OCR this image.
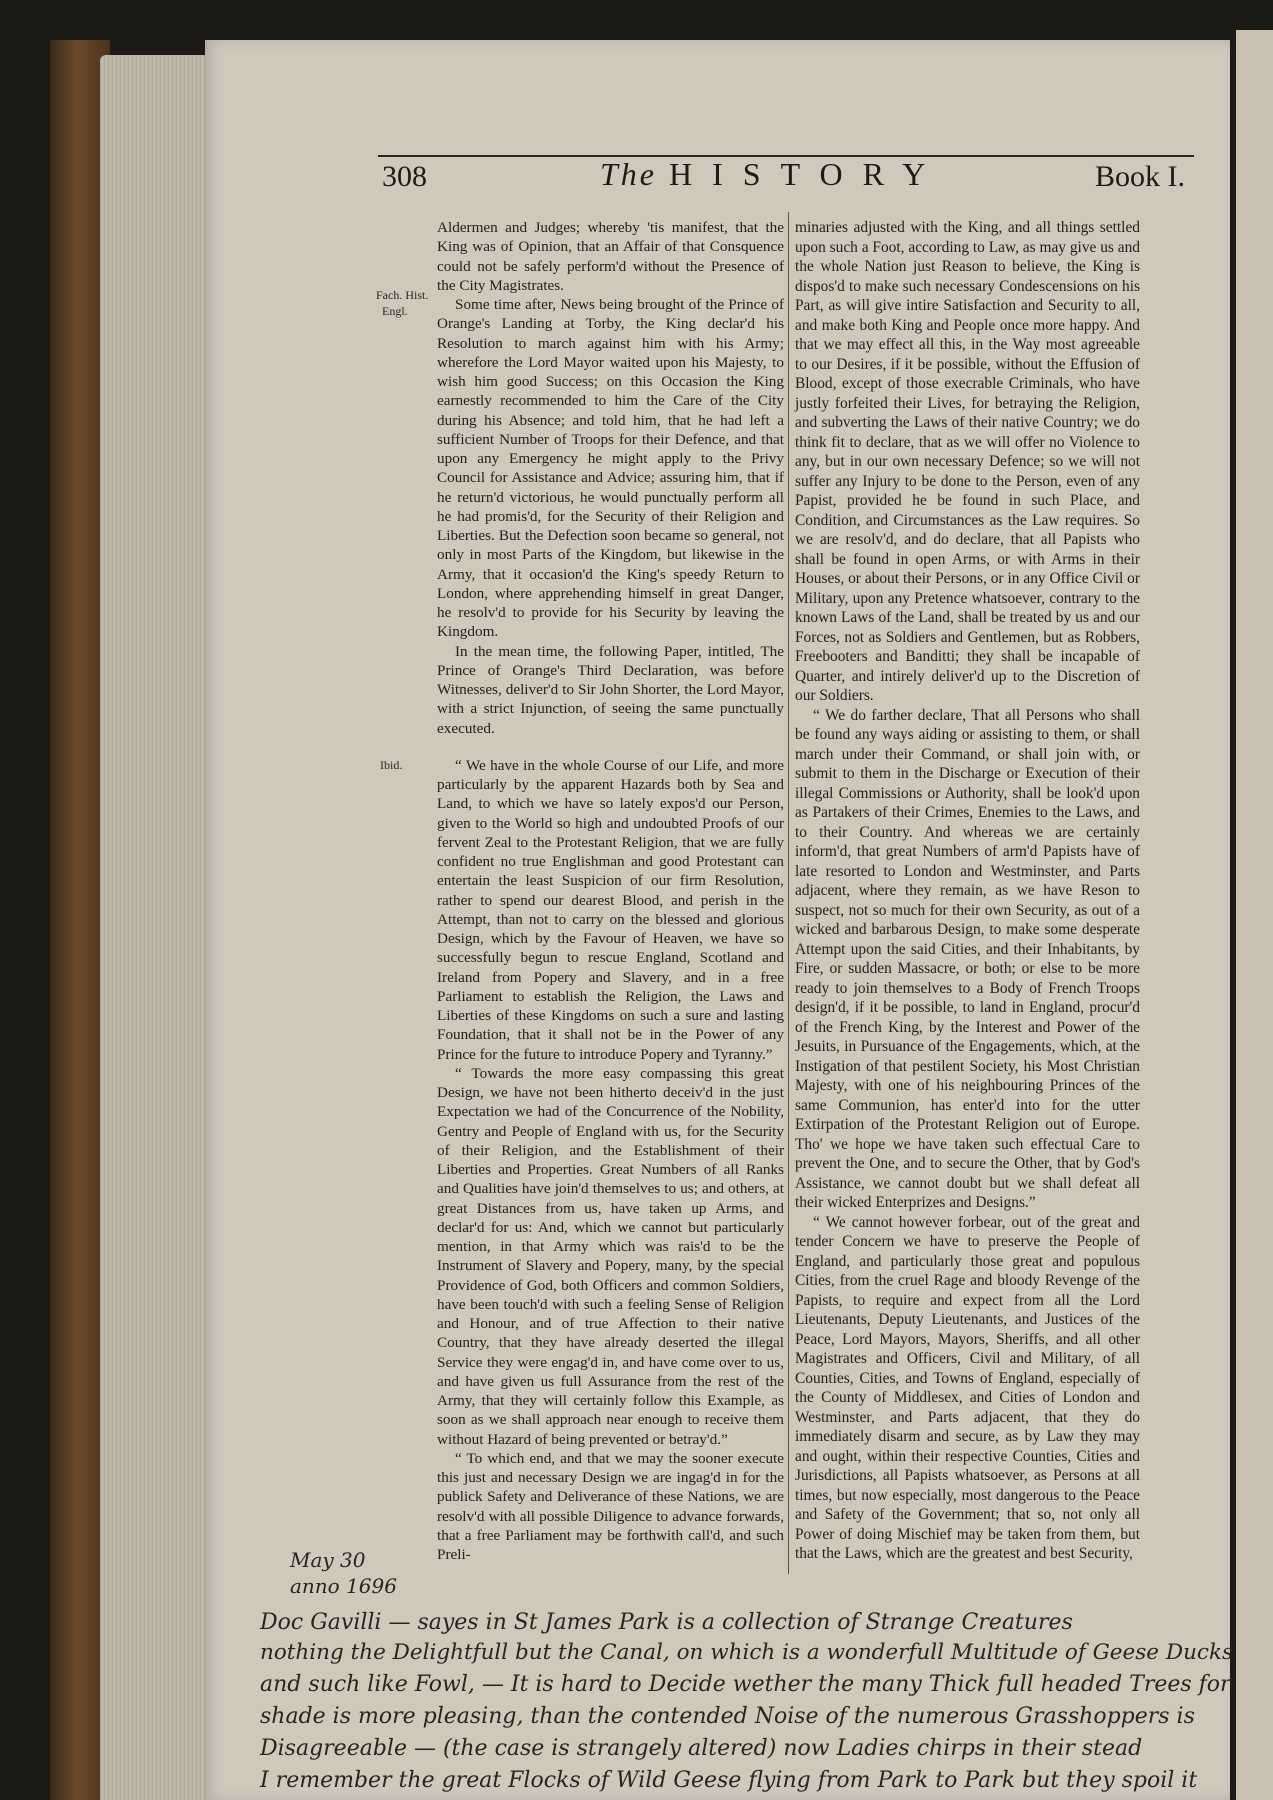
308	The HISTORY	Book I.
Fach. Hist.
Engl.
Ibid.

Aldermen and Judges; whereby 'tis manifest, that the King was of Opinion, that an Affair of that Consquence could not be safely perform'd without the Presence of the City Magistrates.

Some time after, News being brought of the Prince of Orange's Landing at Torby, the King declar'd his Resolution to march against him with his Army; wherefore the Lord Mayor waited upon his Majesty, to wish him good Success; on this Occasion the King earnestly recommended to him the Care of the City during his Absence; and told him, that he had left a sufficient Number of Troops for their Defence, and that upon any Emergency he might apply to the Privy Council for Assistance and Advice; assuring him, that if he return'd victorious, he would punctually perform all he had promis'd, for the Security of their Religion and Liberties. But the Defection soon became so general, not only in most Parts of the Kingdom, but likewise in the Army, that it occasion'd the King's speedy Return to London, where apprehending himself in great Danger, he resolv'd to provide for his Security by leaving the Kingdom.

In the mean time, the following Paper, intitled, The Prince of Orange's Third Declaration, was before Witnesses, deliver'd to Sir John Shorter, the Lord Mayor, with a strict Injunction, of seeing the same punctually executed.

“ We have in the whole Course of our Life, and more particularly by the apparent Hazards both by Sea and Land, to which we have so lately expos'd our Person, given to the World so high and undoubted Proofs of our fervent Zeal to the Protestant Religion, that we are fully confident no true Englishman and good Protestant can entertain the least Suspicion of our firm Resolution, rather to spend our dearest Blood, and perish in the Attempt, than not to carry on the blessed and glorious Design, which by the Favour of Heaven, we have so successfully begun to rescue England, Scotland and Ireland from Popery and Slavery, and in a free Parliament to establish the Religion, the Laws and Liberties of these Kingdoms on such a sure and lasting Foundation, that it shall not be in the Power of any Prince for the future to introduce Popery and Tyranny.”

“ Towards the more easy compassing this great Design, we have not been hitherto deceiv'd in the just Expectation we had of the Concurrence of the Nobility, Gentry and People of England with us, for the Security of their Religion, and the Establishment of their Liberties and Properties. Great Numbers of all Ranks and Qualities have join'd themselves to us; and others, at great Distances from us, have taken up Arms, and declar'd for us: And, which we cannot but particularly mention, in that Army which was rais'd to be the Instrument of Slavery and Popery, many, by the special Providence of God, both Officers and common Soldiers, have been touch'd with such a feeling Sense of Religion and Honour, and of true Affection to their native Country, that they have already deserted the illegal Service they were engag'd in, and have come over to us, and have given us full Assurance from the rest of the Army, that they will certainly follow this Example, as soon as we shall approach near enough to receive them without Hazard of being prevented or betray'd.”

“ To which end, and that we may the sooner execute this just and necessary Design we are ingag'd in for the publick Safety and Deliverance of these Nations, we are resolv'd with all possible Diligence to advance forwards, that a free Parliament may be forthwith call'd, and such Preli-

minaries adjusted with the King, and all things settled upon such a Foot, according to Law, as may give us and the whole Nation just Reason to believe, the King is dispos'd to make such necessary Condescensions on his Part, as will give intire Satisfaction and Security to all, and make both King and People once more happy. And that we may effect all this, in the Way most agreeable to our Desires, if it be possible, without the Effusion of Blood, except of those execrable Criminals, who have justly forfeited their Lives, for betraying the Religion, and subverting the Laws of their native Country; we do think fit to declare, that as we will offer no Violence to any, but in our own necessary Defence; so we will not suffer any Injury to be done to the Person, even of any Papist, provided he be found in such Place, and Condition, and Circumstances as the Law requires. So we are resolv'd, and do declare, that all Papists who shall be found in open Arms, or with Arms in their Houses, or about their Persons, or in any Office Civil or Military, upon any Pretence whatsoever, contrary to the known Laws of the Land, shall be treated by us and our Forces, not as Soldiers and Gentlemen, but as Robbers, Freebooters and Banditti; they shall be incapable of Quarter, and intirely deliver'd up to the Discretion of our Soldiers.

“ We do farther declare, That all Persons who shall be found any ways aiding or assisting to them, or shall march under their Command, or shall join with, or submit to them in the Discharge or Execution of their illegal Commissions or Authority, shall be look'd upon as Partakers of their Crimes, Enemies to the Laws, and to their Country. And whereas we are certainly inform'd, that great Numbers of arm'd Papists have of late resorted to London and Westminster, and Parts adjacent, where they remain, as we have Reson to suspect, not so much for their own Security, as out of a wicked and barbarous Design, to make some desperate Attempt upon the said Cities, and their Inhabitants, by Fire, or sudden Massacre, or both; or else to be more ready to join themselves to a Body of French Troops design'd, if it be possible, to land in England, procur'd of the French King, by the Interest and Power of the Jesuits, in Pursuance of the Engagements, which, at the Instigation of that pestilent Society, his Most Christian Majesty, with one of his neighbouring Princes of the same Communion, has enter'd into for the utter Extirpation of the Protestant Religion out of Europe. Tho' we hope we have taken such effectual Care to prevent the One, and to secure the Other, that by God's Assistance, we cannot doubt but we shall defeat all their wicked Enterprizes and Designs.”

“ We cannot however forbear, out of the great and tender Concern we have to preserve the People of England, and particularly those great and populous Cities, from the cruel Rage and bloody Revenge of the Papists, to require and expect from all the Lord Lieutenants, Deputy Lieutenants, and Justices of the Peace, Lord Mayors, Mayors, Sheriffs, and all other Magistrates and Officers, Civil and Military, of all Counties, Cities, and Towns of England, especially of the County of Middlesex, and Cities of London and Westminster, and Parts adjacent, that they do immediately disarm and secure, as by Law they may and ought, within their respective Counties, Cities and Jurisdictions, all Papists whatsoever, as Persons at all times, but now especially, most dangerous to the Peace and Safety of the Government; that so, not only all Power of doing Mischief may be taken from them, but that the Laws, which are the greatest and best Security,

May 30
anno 1696
Doc Gavilli — sayes in St James Park is a collection of Strange Creatures
nothing the Delightfull but the Canal, on which is a wonderfull Multitude of Geese Ducks
and such like Fowl, — It is hard to Decide wether the many Thick full headed Trees for
shade is more pleasing, than the contended Noise of the numerous Grasshoppers is
Disagreeable — (the case is strangely altered) now Ladies chirps in their stead
I remember the great Flocks of Wild Geese flying from Park to Park but they spoil it
